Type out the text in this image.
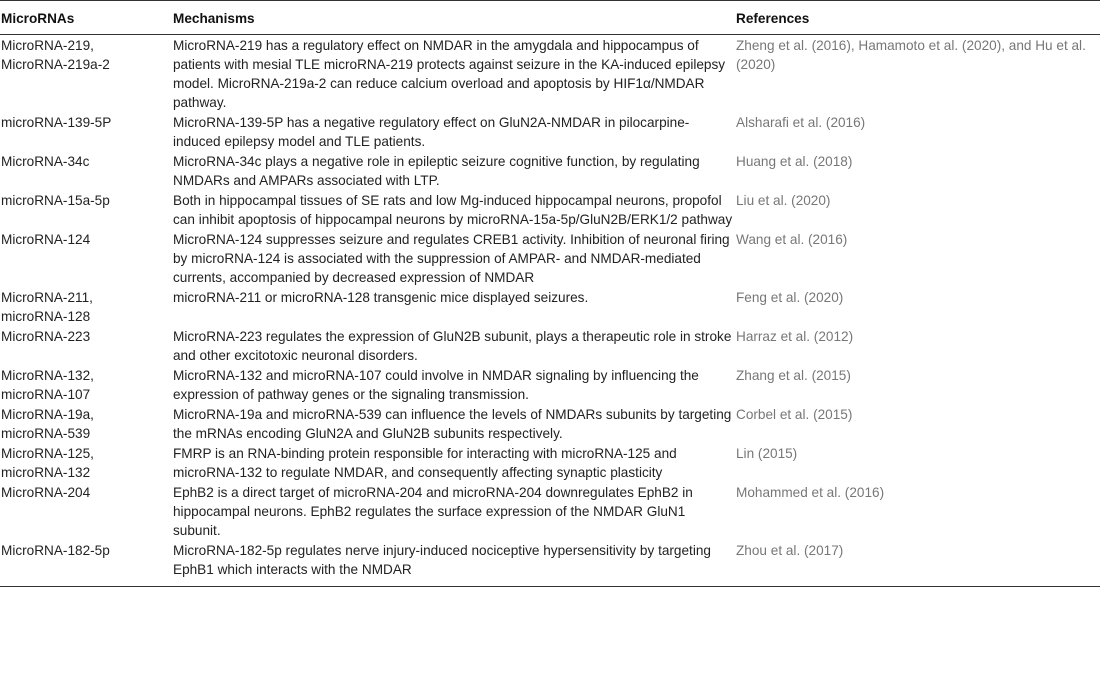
MicroRNAs	Mechanisms	References
MicroRNA-219,
MicroRNA-219a-2	MicroRNA-219 has a regulatory effect on NMDAR in the amygdala and hippocampus of patients with mesial TLE microRNA-219 protects against seizure in the KA-induced epilepsy model. MicroRNA-219a-2 can reduce calcium overload and apoptosis by HIF1α/NMDAR pathway.	Zheng et al. (2016), Hamamoto et al. (2020), and Hu et al. (2020)
microRNA-139-5P	MicroRNA-139-5P has a negative regulatory effect on GluN2A-NMDAR in pilocarpine-induced epilepsy model and TLE patients.	Alsharafi et al. (2016)
MicroRNA-34c	MicroRNA-34c plays a negative role in epileptic seizure cognitive function, by regulating NMDARs and AMPARs associated with LTP.	Huang et al. (2018)
microRNA-15a-5p	Both in hippocampal tissues of SE rats and low Mg-induced hippocampal neurons, propofol can inhibit apoptosis of hippocampal neurons by microRNA-15a-5p/GluN2B/ERK1/2 pathway	Liu et al. (2020)
MicroRNA-124	MicroRNA-124 suppresses seizure and regulates CREB1 activity. Inhibition of neuronal firing by microRNA-124 is associated with the suppression of AMPAR- and NMDAR-mediated currents, accompanied by decreased expression of NMDAR	Wang et al. (2016)
MicroRNA-211,
microRNA-128	microRNA-211 or microRNA-128 transgenic mice displayed seizures.	Feng et al. (2020)
MicroRNA-223	MicroRNA-223 regulates the expression of GluN2B subunit, plays a therapeutic role in stroke and other excitotoxic neuronal disorders.	Harraz et al. (2012)
MicroRNA-132,
microRNA-107	MicroRNA-132 and microRNA-107 could involve in NMDAR signaling by influencing the expression of pathway genes or the signaling transmission.	Zhang et al. (2015)
MicroRNA-19a,
microRNA-539	MicroRNA-19a and microRNA-539 can influence the levels of NMDARs subunits by targeting the mRNAs encoding GluN2A and GluN2B subunits respectively.	Corbel et al. (2015)
MicroRNA-125,
microRNA-132	FMRP is an RNA-binding protein responsible for interacting with microRNA-125 and microRNA-132 to regulate NMDAR, and consequently affecting synaptic plasticity	Lin (2015)
MicroRNA-204	EphB2 is a direct target of microRNA-204 and microRNA-204 downregulates EphB2 in hippocampal neurons. EphB2 regulates the surface expression of the NMDAR GluN1 subunit.	Mohammed et al. (2016)
MicroRNA-182-5p	MicroRNA-182-5p regulates nerve injury-induced nociceptive hypersensitivity by targeting EphB1 which interacts with the NMDAR	Zhou et al. (2017)
